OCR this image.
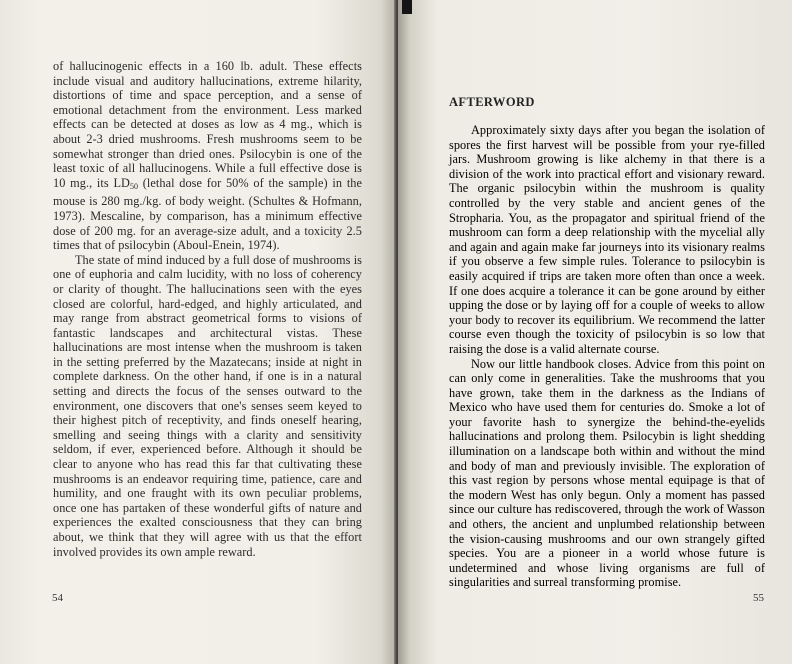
of hallucinogenic effects in a 160 lb. adult. These effects include visual and auditory hallucinations, extreme hilarity, distortions of time and space perception, and a sense of emotional detachment from the environment. Less marked effects can be detected at doses as low as 4 mg., which is about 2-3 dried mushrooms. Fresh mushrooms seem to be somewhat stronger than dried ones. Psilocybin is one of the least toxic of all hallucinogens. While a full effective dose is 10 mg., its $LD_{50}$ (lethal dose for 50% of the sample) in the mouse is 280 mg./kg. of body weight. (Schultes & Hofmann, 1973). Mescaline, by comparison, has a minimum effective dose of 200 mg. for an average-size adult, and a toxicity 2.5 times that of psilocybin (Aboul-Enein, 1974).

The state of mind induced by a full dose of mushrooms is one of euphoria and calm lucidity, with no loss of coherency or clarity of thought. The hallucinations seen with the eyes closed are colorful, hard-edged, and highly articulated, and may range from abstract geometrical forms to visions of fantastic landscapes and architectural vistas. These hallucinations are most intense when the mushroom is taken in the setting preferred by the Mazatecans; inside at night in complete darkness. On the other hand, if one is in a natural setting and directs the focus of the senses outward to the environment, one discovers that one's senses seem keyed to their highest pitch of receptivity, and finds oneself hearing, smelling and seeing things with a clarity and sensitivity seldom, if ever, experienced before. Although it should be clear to anyone who has read this far that cultivating these mushrooms is an endeavor requiring time, patience, care and humility, and one fraught with its own peculiar problems, once one has partaken of these wonderful gifts of nature and experiences the exalted consciousness that they can bring about, we think that they will agree with us that the effort involved provides its own ample reward.

54
AFTERWORD

Approximately sixty days after you began the isolation of spores the first harvest will be possible from your rye-filled jars. Mushroom growing is like alchemy in that there is a division of the work into practical effort and visionary reward. The organic psilocybin within the mushroom is quality controlled by the very stable and ancient genes of the Stropharia. You, as the propagator and spiritual friend of the mushroom can form a deep relationship with the mycelial ally and again and again make far journeys into its visionary realms if you observe a few simple rules. Tolerance to psilocybin is easily acquired if trips are taken more often than once a week. If one does acquire a tolerance it can be gone around by either upping the dose or by laying off for a couple of weeks to allow your body to recover its equilibrium. We recommend the latter course even though the toxicity of psilocybin is so low that raising the dose is a valid alternate course.

Now our little handbook closes. Advice from this point on can only come in generalities. Take the mushrooms that you have grown, take them in the darkness as the Indians of Mexico who have used them for centuries do. Smoke a lot of your favorite hash to synergize the behind-the-eyelids hallucinations and prolong them. Psilocybin is light shedding illumination on a landscape both within and without the mind and body of man and previously invisible. The exploration of this vast region by persons whose mental equipage is that of the modern West has only begun. Only a moment has passed since our culture has rediscovered, through the work of Wasson and others, the ancient and unplumbed relationship between the vision-causing mushrooms and our own strangely gifted species. You are a pioneer in a world whose future is undetermined and whose living organisms are full of singularities and surreal transforming promise.

55
